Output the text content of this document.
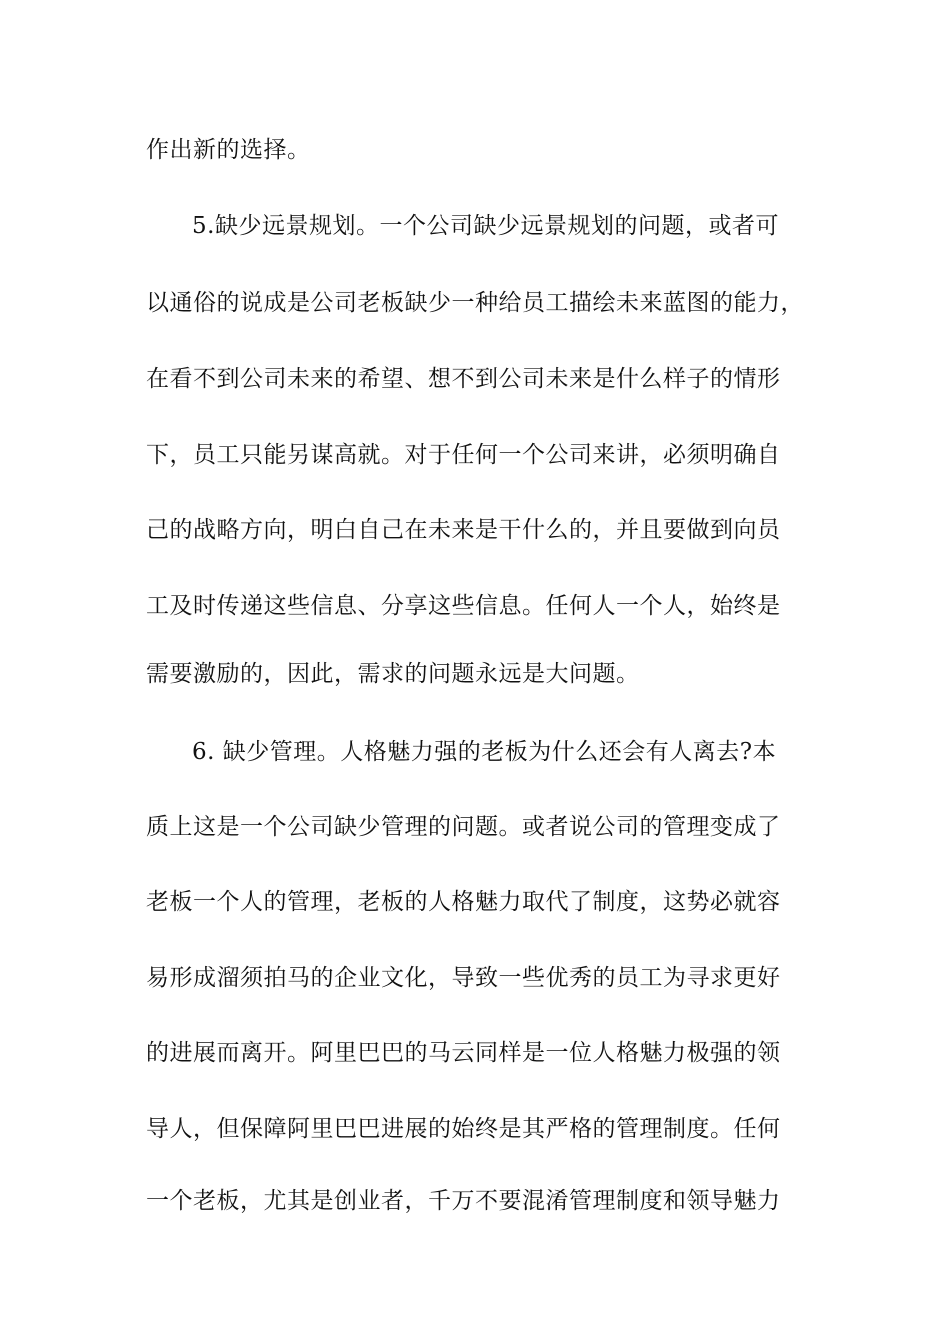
作出新的选择。
5.缺少远景规划。一个公司缺少远景规划的问题，或者可
以通俗的说成是公司老板缺少一种给员工描绘未来蓝图的能力，
在看不到公司未来的希望、想不到公司未来是什么样子的情形
下，员工只能另谋高就。对于任何一个公司来讲，必须明确自
己的战略方向，明白自己在未来是干什么的，并且要做到向员
工及时传递这些信息、分享这些信息。任何人一个人，始终是
需要激励的，因此，需求的问题永远是大问题。
6. 缺少管理。人格魅力强的老板为什么还会有人离去?本
质上这是一个公司缺少管理的问题。或者说公司的管理变成了
老板一个人的管理，老板的人格魅力取代了制度，这势必就容
易形成溜须拍马的企业文化，导致一些优秀的员工为寻求更好
的进展而离开。阿里巴巴的马云同样是一位人格魅力极强的领
导人，但保障阿里巴巴进展的始终是其严格的管理制度。任何
一个老板，尤其是创业者，千万不要混淆管理制度和领导魅力
